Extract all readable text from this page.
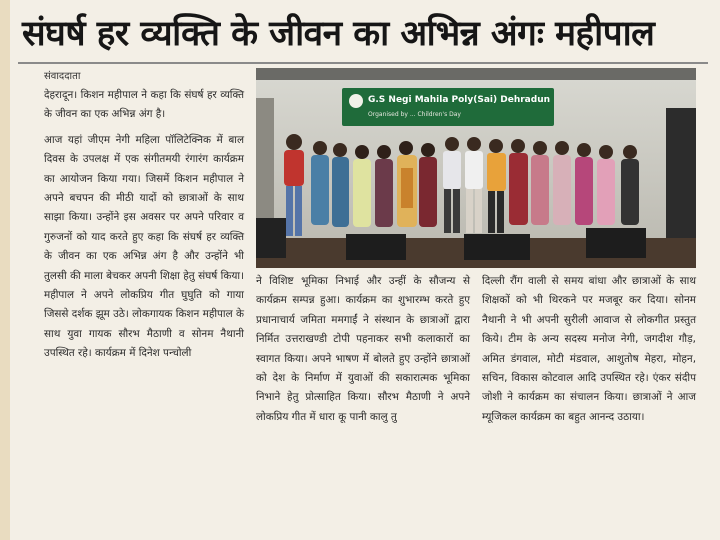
संघर्ष हर व्यक्ति के जीवन का अभिन्न अंगः महीपाल
संवाददाता

देहरादून। किशन महीपाल ने कहा कि संघर्ष हर व्यक्ति के जीवन का एक अभिन्न अंग है।

आज यहां जीएम नेगी महिला पॉलिटेक्निक में बाल दिवस के उपलक्ष में एक संगीतमयी रंगारंग कार्यक्रम का आयोजन किया गया। जिसमें किशन महीपाल ने अपने बचपन की मीठी यादों को छात्राओं के साथ साझा किया। उन्होंने इस अवसर पर अपने परिवार व गुरुजनों को याद करते हुए कहा कि संघर्ष हर व्यक्ति के जीवन का एक अभिन्न अंग है और उन्होंने भी तुलसी की माला बेचकर अपनी शिक्षा हेतु संघर्ष किया। महीपाल ने अपने लोकप्रिय गीत घुघुति को गाया जिससे दर्शक झूम उठे। लोकगायक किशन महीपाल के साथ युवा गायक सौरभ मैठाणी व सोनम नैथानी उपस्थित रहे। कार्यक्रम में दिनेश पन्चोली

G.S Negi Mahila Poly(Sai) Dehradun
Organised by ... Children's Day

ने विशिष्ट भूमिका निभाई और उन्हीं के सौजन्य से कार्यक्रम सम्पन्न हुआ। कार्यक्रम का शुभारम्भ करते हुए प्रधानाचार्य जमिता ममगाईं ने संस्थान के छात्राओं द्वारा निर्मित उत्तराखण्डी टोपी पहनाकर सभी कलाकारों का स्वागत किया। अपने भाषण में बोलते हुए उन्होंने छात्राओं को देश के निर्माण में युवाओं की सकारात्मक भूमिका निभाने हेतु प्रोत्साहित किया। सौरभ मैठाणी ने अपने लोकप्रिय गीत में धारा कू पानी कालु तु

दिल्ली रौंग वाली से समय बांधा और छात्राओं के साथ शिक्षकों को भी थिरकने पर मजबूर कर दिया। सोनम नैथानी ने भी अपनी सुरीली आवाज से लोकगीत प्रस्तुत किये। टीम के अन्य सदस्य मनोज नेगी, जगदीश गौड़, अमित डंगवाल, मोटी मंडवाल, आशुतोष मेहरा, मोहन, सचिन, विकास कोटवाल आदि उपस्थित रहे। एंकर संदीप जोशी ने कार्यक्रम का संचालन किया। छात्राओं ने आज म्यूजिकल कार्यक्रम का बहुत आनन्द उठाया।
